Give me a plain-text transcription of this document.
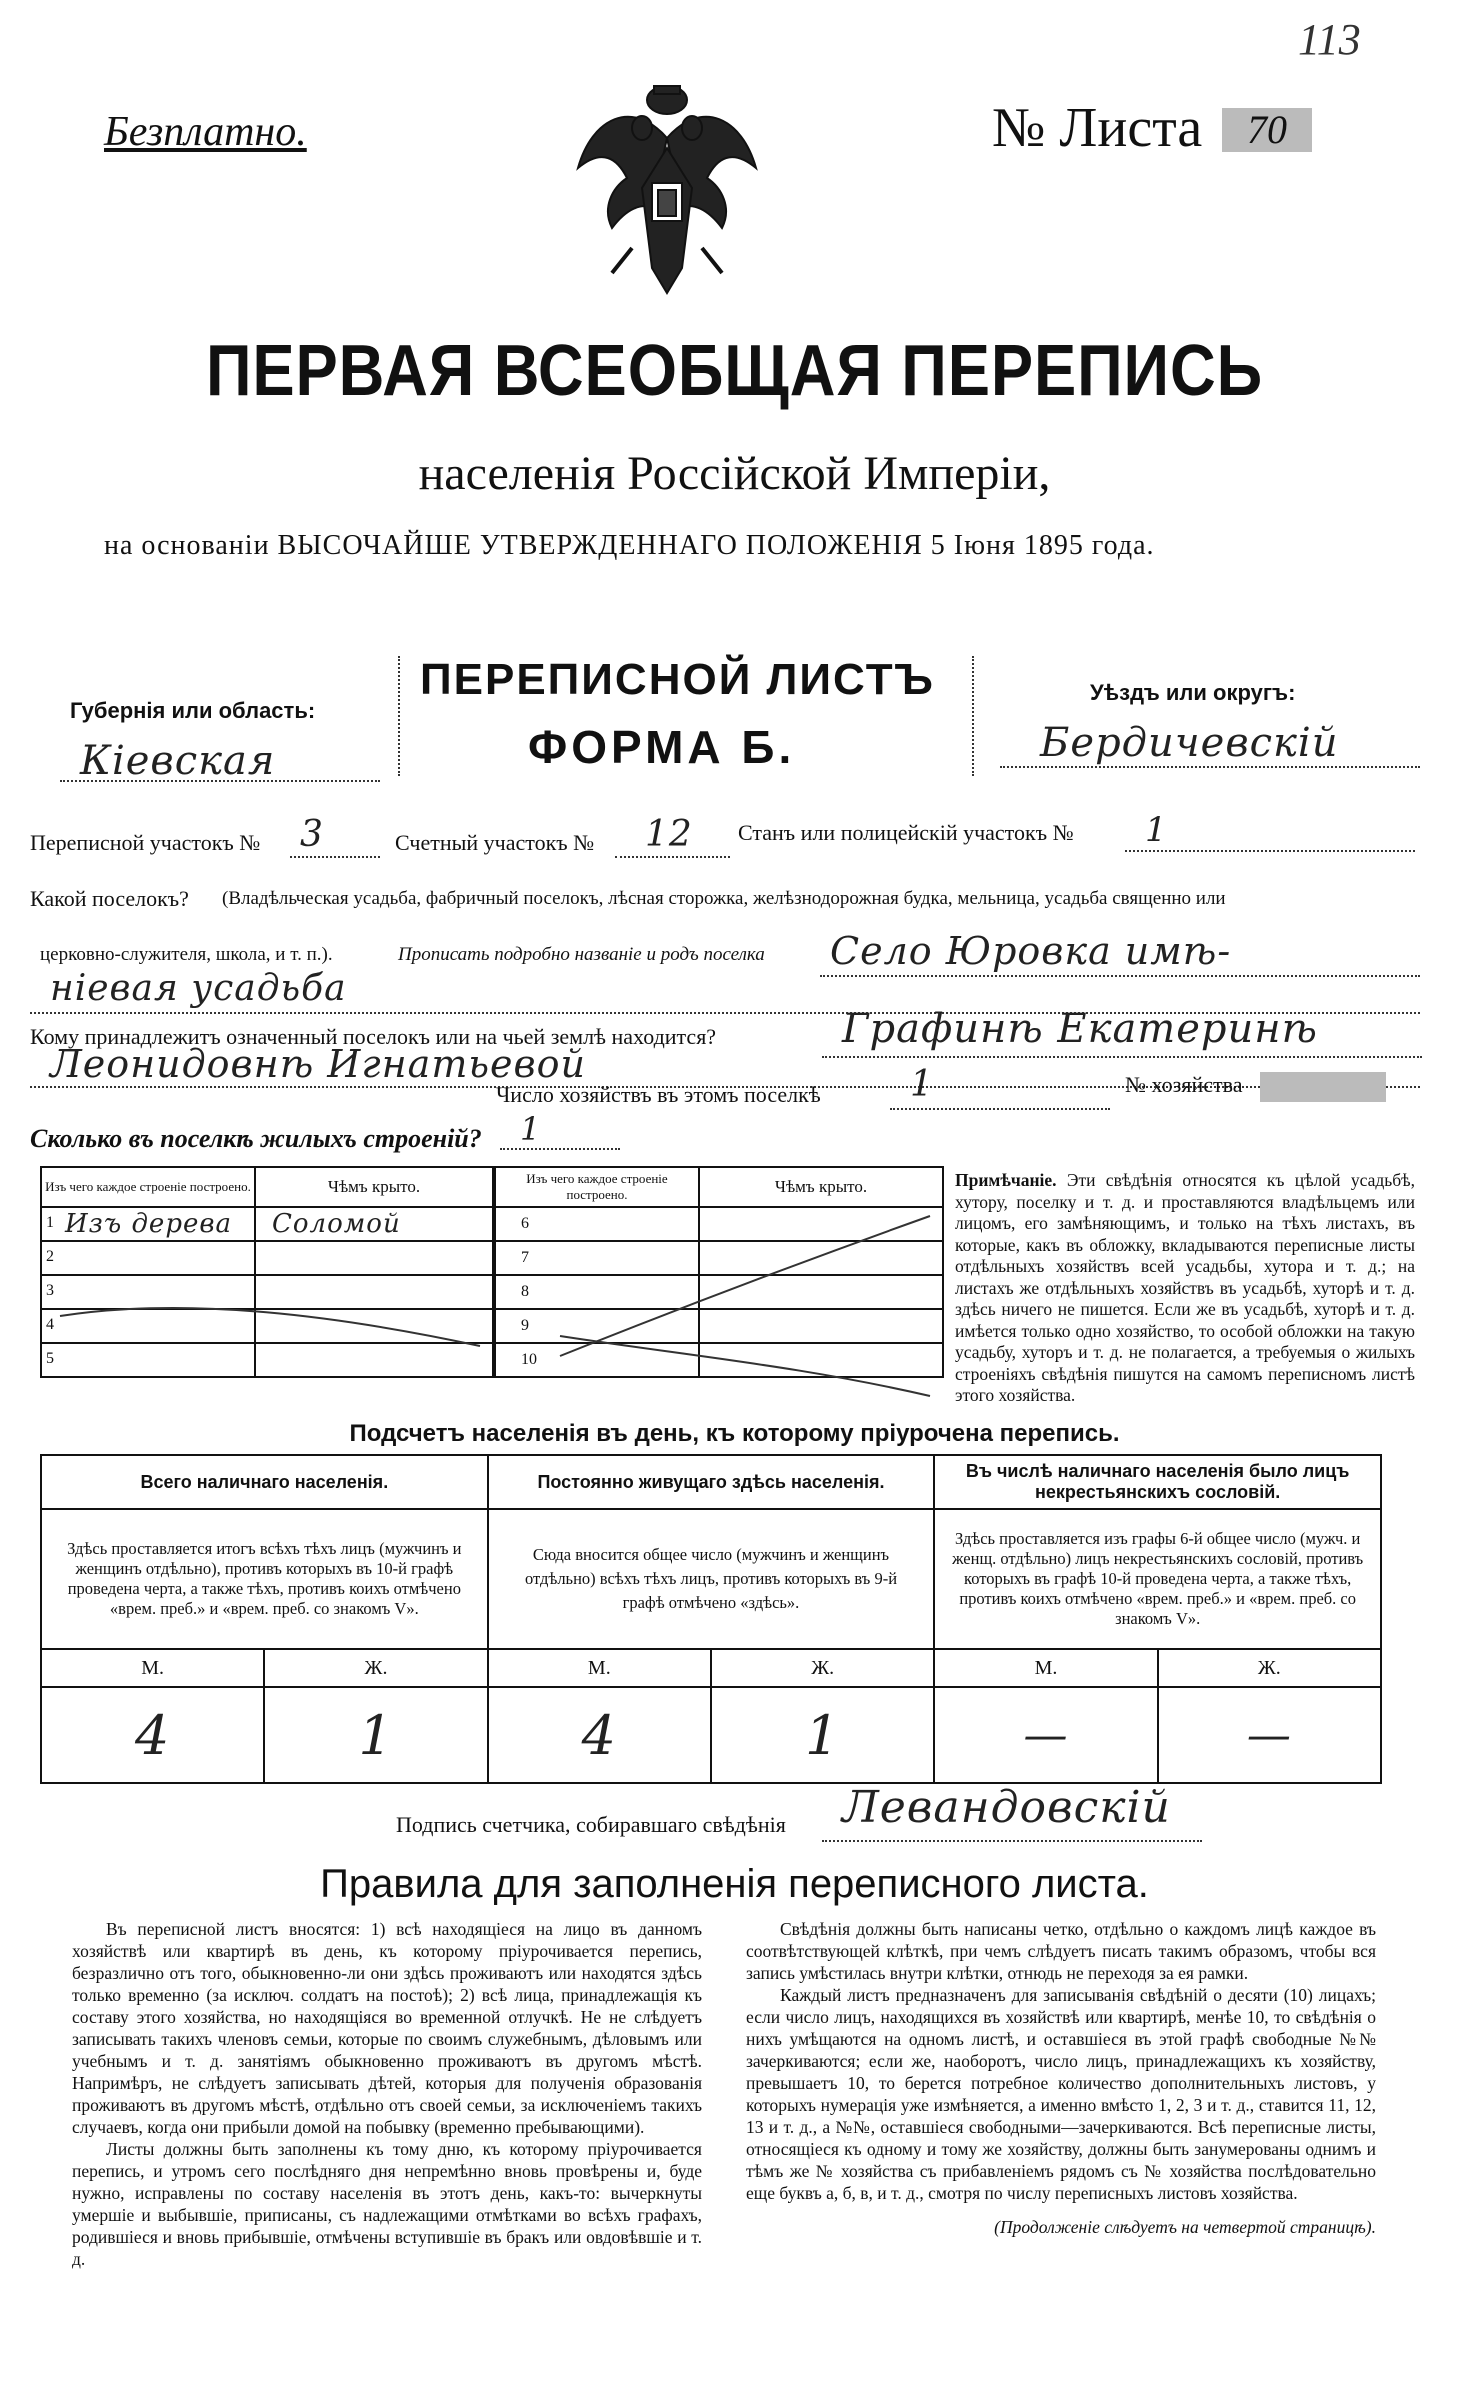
113
Безплатно.	№ Листа	70
ПЕРВАЯ ВСЕОБЩАЯ ПЕРЕПИСЬ
населенія Россійской Имперіи,
на основаніи ВЫСОЧАЙШЕ УТВЕРЖДЕННАГО ПОЛОЖЕНІЯ 5 Іюня 1895 года.
ПЕРЕПИСНОЙ ЛИСТЪ
ФОРМА Б.
Губернія или область:
Кіевская
Уѣздъ или округъ:
Бердичевскій
Переписной участокъ № 3	Счетный участокъ № 12 Станъ или полицейскій участокъ № 1
Какой поселокъ? (Владѣльческая усадьба, фабричный поселокъ, лѣсная сторожка, желѣзнодорожная будка, мельница, усадьба священно или
церковно-служителя, школа, и т. п.).	Прописать подробно названіе и родъ поселка Село Юровка имѣ-
нiевая усадьба
Кому принадлежитъ означенный поселокъ или на чьей землѣ находится?	Графинѣ Екатеринѣ
Леонидовнѣ Игнатьевой
Число хозяйствъ въ этомъ поселкѣ 1	№ хозяйства
Сколько въ поселкѣ жилыхъ строеній? 1
Изъ чего каждое строеніе построено.	Чѣмъ крыто.

1 Изъ дерева	Соломой

2	

3	

4	

5	

Изъ чего каждое строеніе построено.	Чѣмъ крыто.
6	
7	
8	
9	
10	
Примѣчаніе. Эти свѣдѣнія относятся къ цѣлой усадьбѣ, хутору, поселку и т. д. и проставляются владѣльцемъ или лицомъ, его замѣняющимъ, и только на тѣхъ листахъ, въ которые, какъ въ обложку, вкладываются переписные листы отдѣльныхъ хозяйствъ всей усадьбы, хутора и т. д.; на листахъ же отдѣльныхъ хозяйствъ въ усадьбѣ, хуторѣ и т. д. здѣсь ничего не пишется. Если же въ усадьбѣ, хуторѣ и т. д. имѣется только одно хозяйство, то особой обложки на такую усадьбу, хуторъ и т. д. не полагается, а требуемыя о жилыхъ строеніяхъ свѣдѣнія пишутся на самомъ переписномъ листѣ этого хозяйства.
Подсчетъ населенія въ день, къ которому пріурочена перепись.
Всего наличнаго населенія.		Постоянно живущаго здѣсь населенія.		Въ числѣ наличнаго населенія было лицъ некрестьянскихъ сословій.	
Здѣсь проставляется итогъ всѣхъ тѣхъ лицъ (мужчинъ и женщинъ отдѣльно), противъ которыхъ въ 10-й графѣ проведена черта, а также тѣхъ, противъ коихъ отмѣчено «врем. преб.» и «врем. преб. со знакомъ V».		Сюда вносится общее число (мужчинъ и женщинъ отдѣльно) всѣхъ тѣхъ лицъ, противъ которыхъ въ 9-й графѣ отмѣчено «здѣсь».		Здѣсь проставляется изъ графы 6-й общее число (мужч. и женщ. отдѣльно) лицъ некрестьянскихъ сословій, противъ которыхъ въ графѣ 10-й проведена черта, а также тѣхъ, противъ коихъ отмѣчено «врем. преб.» и «врем. преб. со знакомъ V».	
М.	Ж.	М.	Ж.	М.	Ж.
4	1	4	1	—	—
Подпись счетчика, собиравшаго свѣдѣнія Левандовскій
Правила для заполненія переписного листа.

Въ переписной листъ вносятся: 1) всѣ находящіеся на лицо въ данномъ хозяйствѣ или квартирѣ въ день, къ которому пріурочивается перепись, безразлично отъ того, обыкновенно-ли они здѣсь проживаютъ или находятся здѣсь только временно (за исключ. солдатъ на постоѣ); 2) всѣ лица, принадлежащія къ составу этого хозяйства, но находящіяся во временной отлучкѣ. Не не слѣдуетъ записывать такихъ членовъ семьи, которые по своимъ служебнымъ, дѣловымъ или учебнымъ и т. д. занятіямъ обыкновенно проживаютъ въ другомъ мѣстѣ. Напримѣръ, не слѣдуетъ записывать дѣтей, которыя для полученія образованія проживаютъ въ другомъ мѣстѣ, отдѣльно отъ своей семьи, за исключеніемъ такихъ случаевъ, когда они прибыли домой на побывку (временно пребывающими).

Листы должны быть заполнены къ тому дню, къ которому пріурочивается перепись, и утромъ сего послѣдняго дня непремѣнно вновь провѣрены и, буде нужно, исправлены по составу населенія въ этотъ день, какъ-то: вычеркнуты умершіе и выбывшіе, приписаны, съ надлежащими отмѣтками во всѣхъ графахъ, родившіеся и вновь прибывшіе, отмѣчены вступившіе въ бракъ или овдовѣвшіе и т. д.

Свѣдѣнія должны быть написаны четко, отдѣльно о каждомъ лицѣ каждое въ соотвѣтствующей клѣткѣ, при чемъ слѣдуетъ писать такимъ образомъ, чтобы вся запись умѣстилась внутри клѣтки, отнюдь не переходя за ея рамки.

Каждый листъ предназначенъ для записыванія свѣдѣній о десяти (10) лицахъ; если число лицъ, находящихся въ хозяйствѣ или квартирѣ, менѣе 10, то свѣдѣнія о нихъ умѣщаются на одномъ листѣ, и оставшіеся въ этой графѣ свободные №№ зачеркиваются; если же, наоборотъ, число лицъ, принадлежащихъ къ хозяйству, превышаетъ 10, то берется потребное количество дополнительныхъ листовъ, у которыхъ нумерація уже измѣняется, а именно вмѣсто 1, 2, 3 и т. д., ставится 11, 12, 13 и т. д., а №№, оставшіеся свободными—зачеркиваются. Всѣ переписные листы, относящіеся къ одному и тому же хозяйству, должны быть занумерованы однимъ и тѣмъ же № хозяйства съ прибавленіемъ рядомъ съ № хозяйства послѣдовательно еще буквъ а, б, в, и т. д., смотря по числу переписныхъ листовъ хозяйства.

(Продолженіе слѣдуетъ на четвертой страницѣ).
